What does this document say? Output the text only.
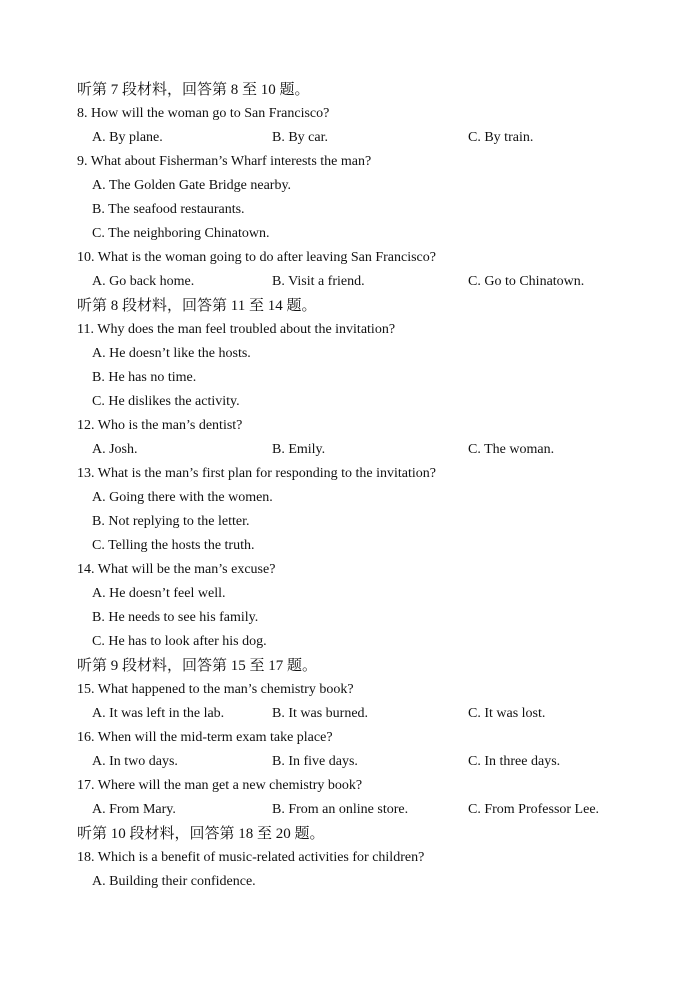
听第 7 段材料，回答第 8 至 10 题。
8. How will the woman go to San Francisco?
A. By plane.	B. By car.	C. By train.
9. What about Fisherman’s Wharf interests the man?
A. The Golden Gate Bridge nearby.
B. The seafood restaurants.
C. The neighboring Chinatown.
10. What is the woman going to do after leaving San Francisco?
A. Go back home.	B. Visit a friend.	C. Go to Chinatown.
听第 8 段材料，回答第 11 至 14 题。
11. Why does the man feel troubled about the invitation?
A. He doesn’t like the hosts.
B. He has no time.
C. He dislikes the activity.
12. Who is the man’s dentist?
A. Josh.	B. Emily.	C. The woman.
13. What is the man’s first plan for responding to the invitation?
A. Going there with the women.
B. Not replying to the letter.
C. Telling the hosts the truth.
14. What will be the man’s excuse?
A. He doesn’t feel well.
B. He needs to see his family.
C. He has to look after his dog.
听第 9 段材料，回答第 15 至 17 题。
15. What happened to the man’s chemistry book?
A. It was left in the lab.	B. It was burned.	C. It was lost.
16. When will the mid-term exam take place?
A. In two days.	B. In five days.	C. In three days.
17. Where will the man get a new chemistry book?
A. From Mary.	B. From an online store.	C. From Professor Lee.
听第 10 段材料，回答第 18 至 20 题。
18. Which is a benefit of music-related activities for children?
A. Building their confidence.
